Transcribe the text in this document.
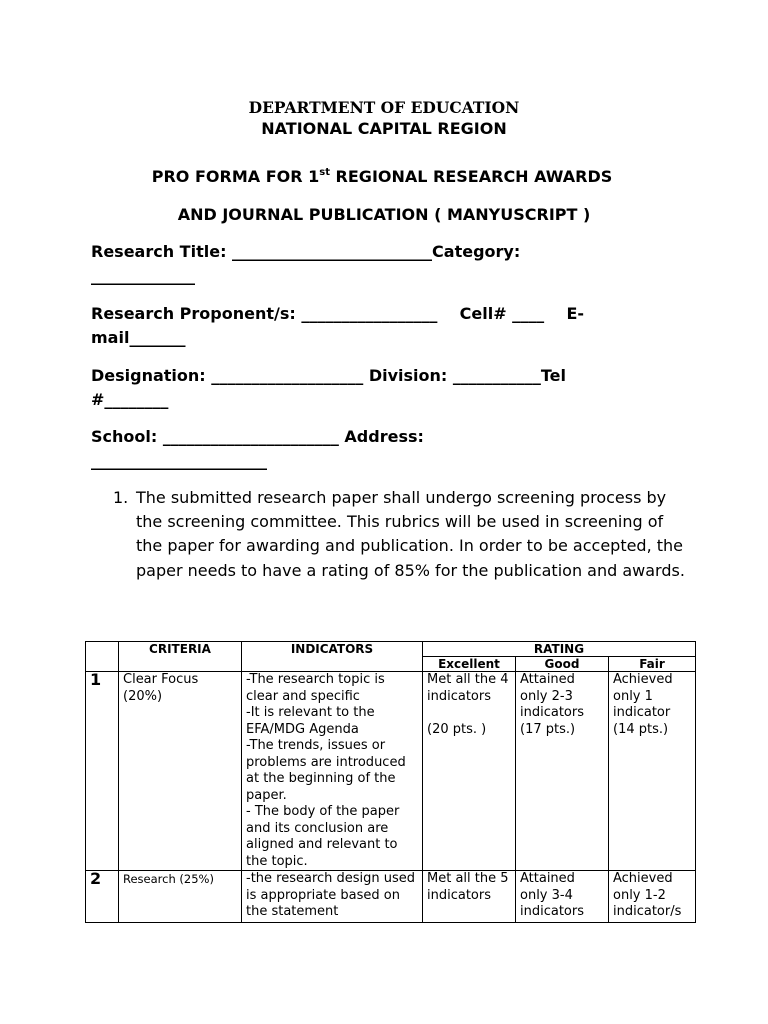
DEPARTMENT OF EDUCATION
NATIONAL CAPITAL REGION
PRO FORMA FOR 1st REGIONAL RESEARCH AWARDS
AND JOURNAL PUBLICATION ( MANYUSCRIPT )
Research Title: _________________________Category:
_____________
Research Proponent/s: _________________    Cell# ____    E-
mail_______
Designation: ___________________ Division: ___________Tel
#________
School: ______________________ Address:
______________________
1. The submitted research paper shall undergo screening process by the screening committee. This rubrics will be used in screening of the paper for awarding and publication. In order to be accepted, the paper needs to have a rating of 85% for the publication and awards.
	CRITERIA	INDICATORS	RATING		
			Excellent	Good	Fair
1	Clear Focus (20%)	-The research topic is clear and specific
-It is relevant to the EFA/MDG Agenda
-The trends, issues or problems are introduced at the beginning of the paper.
- The body of the paper and its conclusion are aligned and relevant to the topic.	Met all the 4 indicators

(20 pts. )	Attained only 2-3 indicators (17 pts.)	Achieved only 1 indicator (14 pts.)
2	Research (25%)	-the research design used is appropriate based on the statement	Met all the 5 indicators	Attained only 3-4 indicators	Achieved only 1-2 indicator/s
